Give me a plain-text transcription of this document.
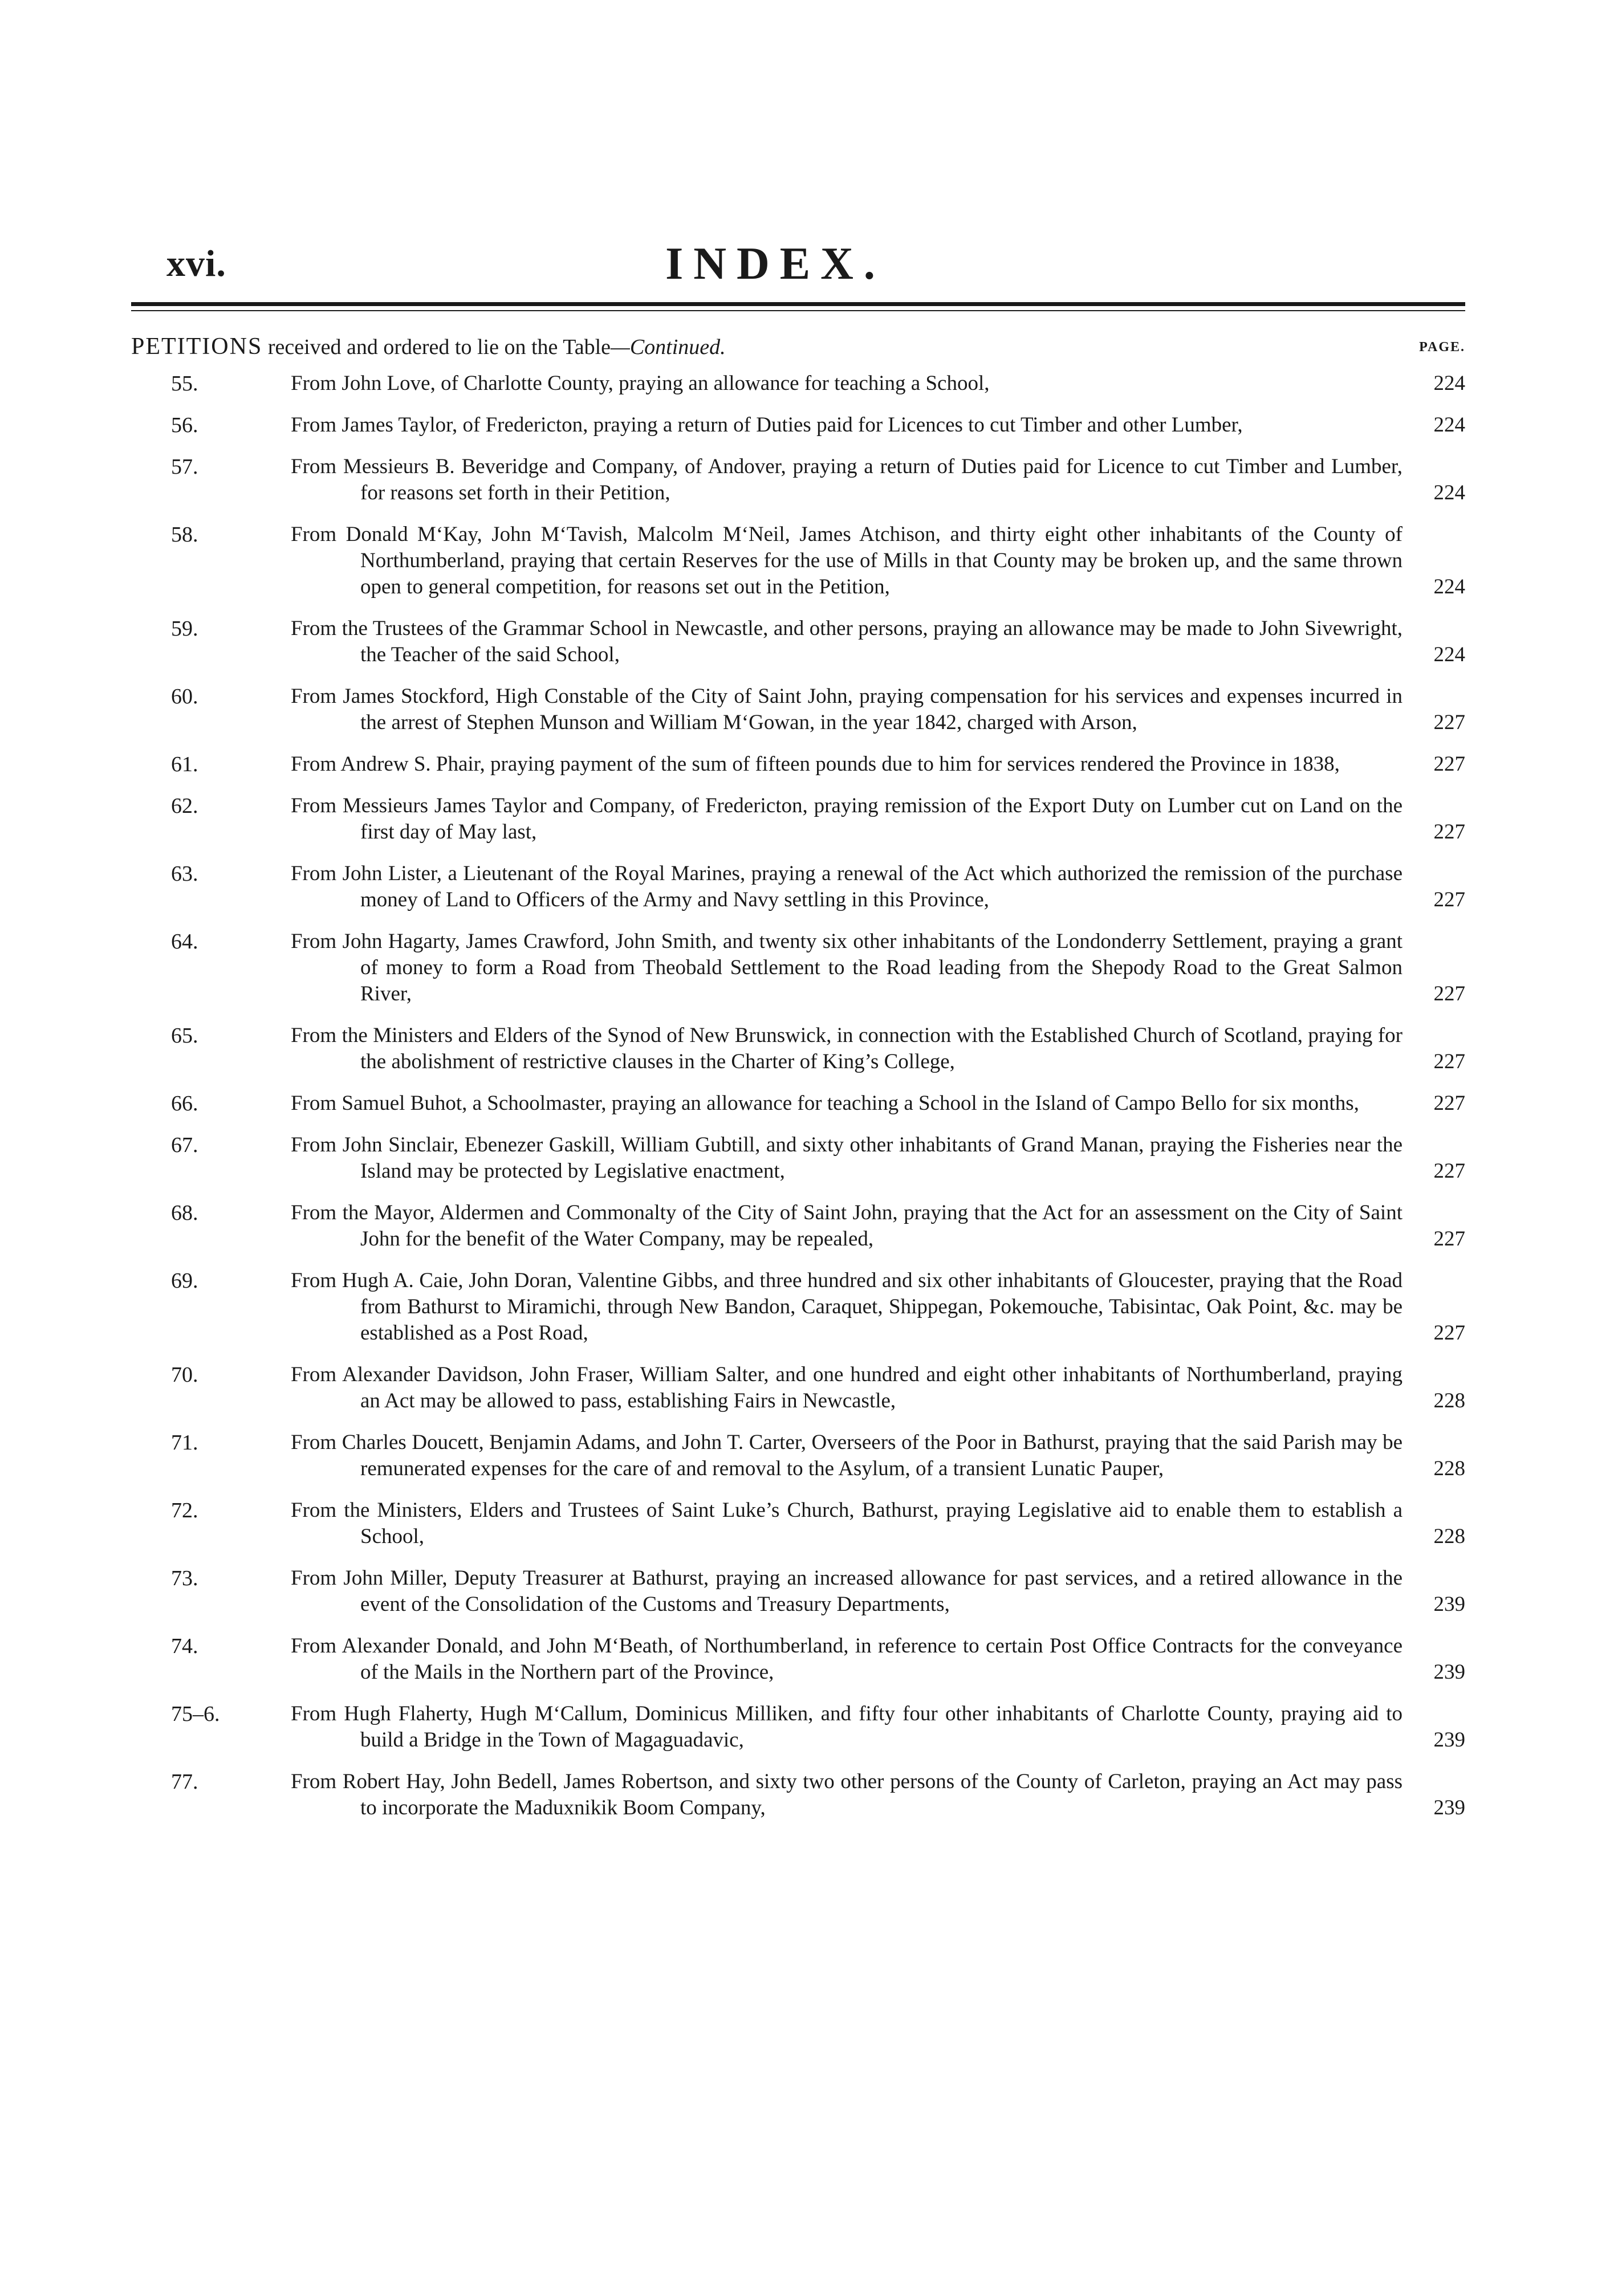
xvi.	INDEX.
PETITIONS received and ordered to lie on the Table—Continued.	PAGE.
55.	From John Love, of Charlotte County, praying an allowance for teaching a School,	224
56.	From James Taylor, of Fredericton, praying a return of Duties paid for Licences to cut Timber and other Lumber,	224
57.	From Messieurs B. Beveridge and Company, of Andover, praying a return of Duties paid for Licence to cut Timber and Lumber, for reasons set forth in their Petition,	224
58.	From Donald M‘Kay, John M‘Tavish, Malcolm M‘Neil, James Atchison, and thirty eight other inhabitants of the County of Northumberland, praying that certain Reserves for the use of Mills in that County may be broken up, and the same thrown open to general competition, for reasons set out in the Petition,	224
59.	From the Trustees of the Grammar School in Newcastle, and other persons, praying an allowance may be made to John Sivewright, the Teacher of the said School,	224
60.	From James Stockford, High Constable of the City of Saint John, praying compensation for his services and expenses incurred in the arrest of Stephen Munson and William M‘Gowan, in the year 1842, charged with Arson,	227
61.	From Andrew S. Phair, praying payment of the sum of fifteen pounds due to him for services rendered the Province in 1838,	227
62.	From Messieurs James Taylor and Company, of Fredericton, praying remission of the Export Duty on Lumber cut on Land on the first day of May last,	227
63.	From John Lister, a Lieutenant of the Royal Marines, praying a renewal of the Act which authorized the remission of the purchase money of Land to Officers of the Army and Navy settling in this Province,	227
64.	From John Hagarty, James Crawford, John Smith, and twenty six other inhabitants of the Londonderry Settlement, praying a grant of money to form a Road from Theobald Settlement to the Road leading from the Shepody Road to the Great Salmon River,	227
65.	From the Ministers and Elders of the Synod of New Brunswick, in connection with the Established Church of Scotland, praying for the abolishment of restrictive clauses in the Charter of King’s College,	227
66.	From Samuel Buhot, a Schoolmaster, praying an allowance for teaching a School in the Island of Campo Bello for six months,	227
67.	From John Sinclair, Ebenezer Gaskill, William Gubtill, and sixty other inhabitants of Grand Manan, praying the Fisheries near the Island may be protected by Legislative enactment,	227
68.	From the Mayor, Aldermen and Commonalty of the City of Saint John, praying that the Act for an assessment on the City of Saint John for the benefit of the Water Company, may be repealed,	227
69.	From Hugh A. Caie, John Doran, Valentine Gibbs, and three hundred and six other inhabitants of Gloucester, praying that the Road from Bathurst to Miramichi, through New Bandon, Caraquet, Shippegan, Pokemouche, Tabisintac, Oak Point, &c. may be established as a Post Road,	227
70.	From Alexander Davidson, John Fraser, William Salter, and one hundred and eight other inhabitants of Northumberland, praying an Act may be allowed to pass, establishing Fairs in Newcastle,	228
71.	From Charles Doucett, Benjamin Adams, and John T. Carter, Overseers of the Poor in Bathurst, praying that the said Parish may be remunerated expenses for the care of and removal to the Asylum, of a transient Lunatic Pauper,	228
72.	From the Ministers, Elders and Trustees of Saint Luke’s Church, Bathurst, praying Legislative aid to enable them to establish a School,	228
73.	From John Miller, Deputy Treasurer at Bathurst, praying an increased allowance for past services, and a retired allowance in the event of the Consolidation of the Customs and Treasury Departments,	239
74.	From Alexander Donald, and John M‘Beath, of Northumberland, in reference to certain Post Office Contracts for the conveyance of the Mails in the Northern part of the Province,	239
75–6.	From Hugh Flaherty, Hugh M‘Callum, Dominicus Milliken, and fifty four other inhabitants of Charlotte County, praying aid to build a Bridge in the Town of Magaguadavic,	239
77.	From Robert Hay, John Bedell, James Robertson, and sixty two other persons of the County of Carleton, praying an Act may pass to incorporate the Maduxnikik Boom Company,	239
